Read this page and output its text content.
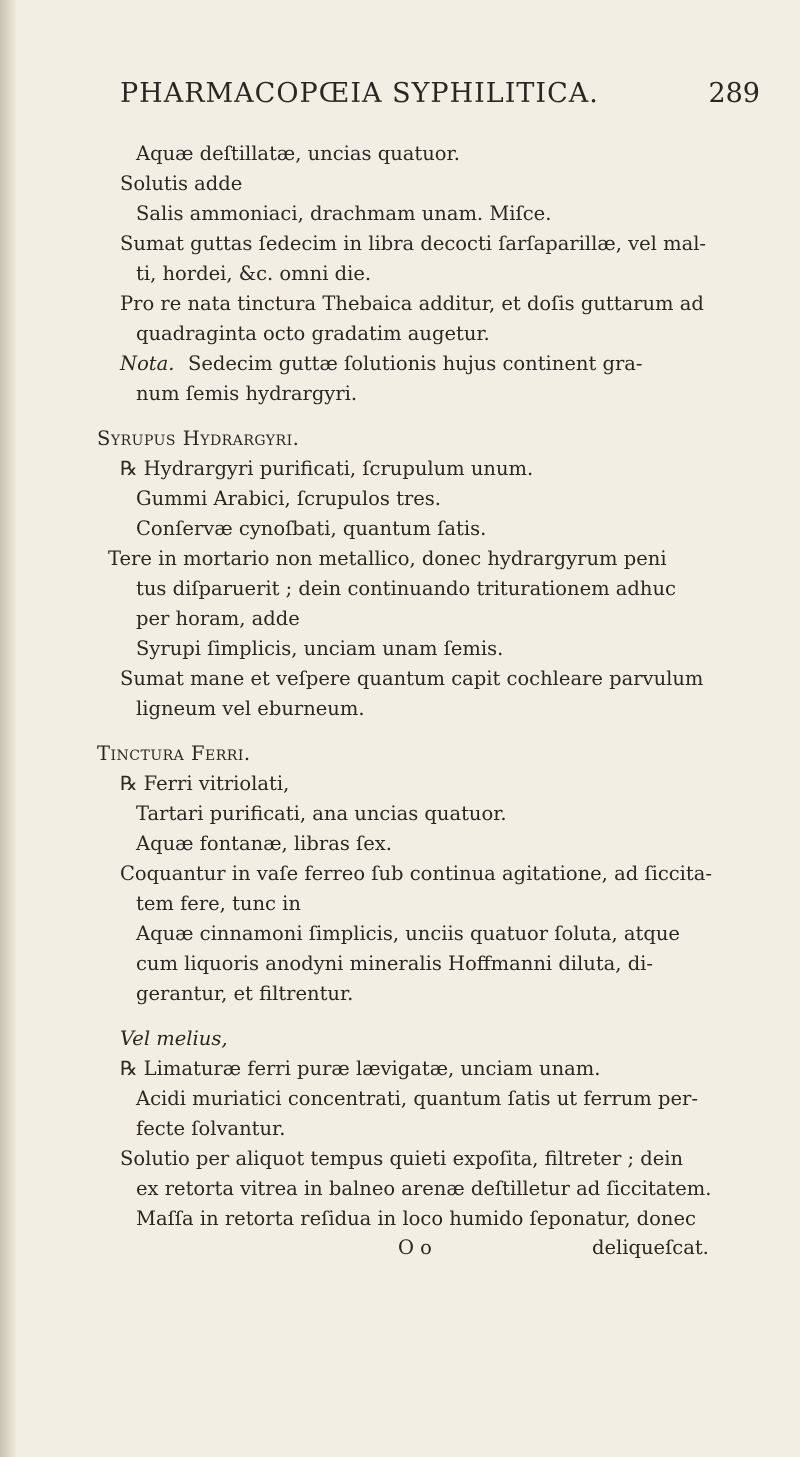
PHARMACOPŒIA SYPHILITICA.	289
Aquæ deſtillatæ, uncias quatuor.
Solutis adde
Salis ammoniaci, drachmam unam. Miſce.
Sumat guttas ſedecim in libra decocti ſarſaparillæ, vel mal-
ti, hordei, &c. omni die.
Pro re nata tinctura Thebaica additur, et doſis guttarum ad
quadraginta octo gradatim augetur.
Nota. Sedecim guttæ ſolutionis hujus continent gra-
num ſemis hydrargyri.
Syrupus Hydrargyri.
℞ Hydrargyri purificati, ſcrupulum unum.
Gummi Arabici, ſcrupulos tres.
Conſervæ cynoſbati, quantum ſatis.
Tere in mortario non metallico, donec hydrargyrum peni
tus diſparuerit ; dein continuando triturationem adhuc
per horam, adde
Syrupi ſimplicis, unciam unam ſemis.
Sumat mane et veſpere quantum capit cochleare parvulum
ligneum vel eburneum.
Tinctura Ferri.
℞ Ferri vitriolati,
Tartari purificati, ana uncias quatuor.
Aquæ fontanæ, libras ſex.
Coquantur in vaſe ferreo ſub continua agitatione, ad ſiccita-
tem fere, tunc in
Aquæ cinnamoni ſimplicis, unciis quatuor ſoluta, atque
cum liquoris anodyni mineralis Hoffmanni diluta, di-
gerantur, et filtrentur.
Vel melius,
℞ Limaturæ ferri puræ lævigatæ, unciam unam.
Acidi muriatici concentrati, quantum ſatis ut ferrum per-
fecte ſolvantur.
Solutio per aliquot tempus quieti expoſita, filtreter ; dein
ex retorta vitrea in balneo arenæ deſtilletur ad ſiccitatem.
Maſſa in retorta reſidua in loco humido ſeponatur, donec
O o	deliqueſcat.
